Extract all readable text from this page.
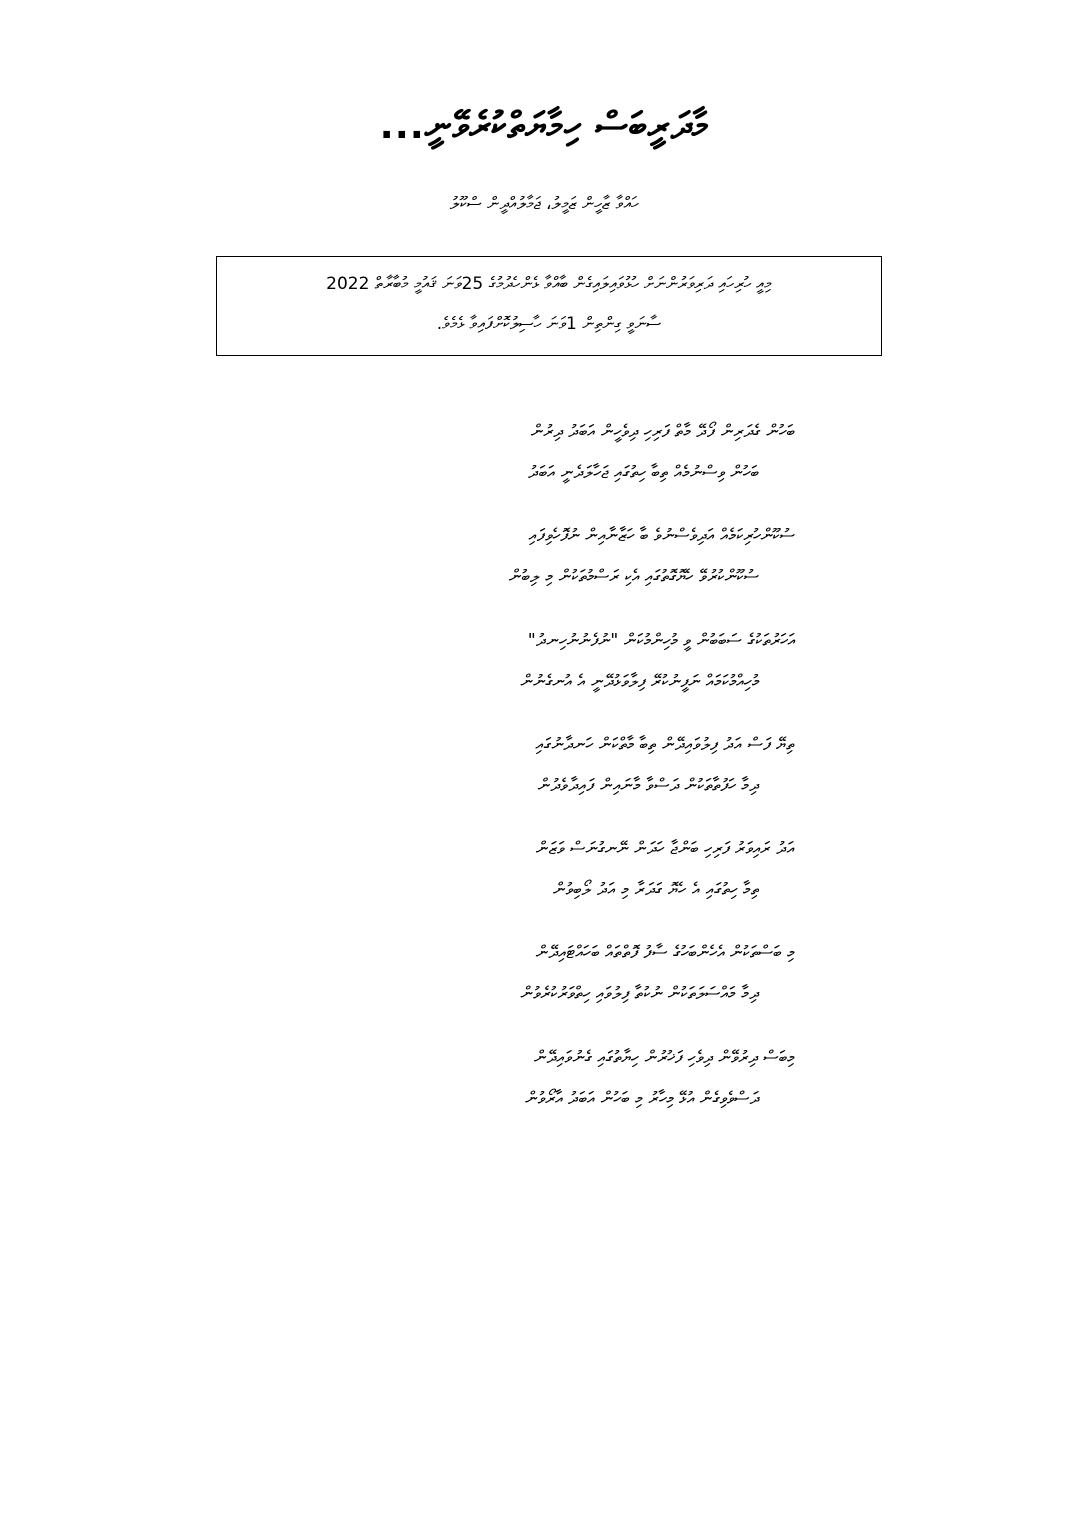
މާދަރީބަސް ހިމާޔަތްކުރެވޭނީ...
ހައްވާ ޒާހީން ޒަމީލު، ޖަމާލުއްދީން ސްކޫލު
މިއީ ހުރިހައި ދަރިވަރުންނަށް ހުޅުވައިލައިގެން ބާއްވާ ޅެންހެދުމުގެ 25ވަނަ ޤައުމީ މުބާރާތް 2022
ސާނަވީ ގިންތިން 1ވަނަ ހާސިލުކޮށްފައިވާ ޅެމެވެ.
ބަހުން ގެދަރިން ފޯދޭ މާތް ފަރިހި ދިވެހީން އަބަދު ދިރުން
ބަހުން ވިސްނުމެއް ތިބާ ހިތުގައި ޖަހާލަދެނީ އަބަދު
ސުކޫންހުރިކަމެއް އަދިވެސްނުވެ ބާ ހަޒާނާއިން ނުފޮހެވިފައި
ސުކޫންކުރުވޭ ހެޔޮގޮތުގައި އެކި ރަސްމުތަކުން މި ލިބުން
އަހަރުތަކުގެ ސަބަބުން ވީ މުހިންމުކަން "ނުފެނުނުހިނދު"
މުހިއްމުކަމައް ނަފީނުކުރޭ ފިލާވަޅުދޭނީ އެ އުނގެނުން
ތިޔޭ ފަސް އަދު ފިލުވައިދޭން ތިބާ މާތްކަން ހަނދާނުގައި
ދިމާ ހަފުތާތަކުން ދަސްވާ މާނައިން ފައިދާވެދުން
އަދު ރައިވަރު ފަރިހި ބަންޖާ ހަދަން ނޭނގުނަސް ވަޒަން
ތިމާ ހިތުގައި އެ ހެޔޮ ގަދަރާ މި އަދު ލޯބިވުން
މި ބަސްތަކުން އެހެންބަހުގެ ސާފު ފޮތްތައް ބަހައްޓައިދޭން
ދިމާ މައްސަލަތަކުން ނުކުތާ ފިލުވައި ހިތްވަރުކުރެވުން
މިބަސް ދިރުވޭން ދިވެހި ފަޚުރުން ހިޔާތުގައި ގެނުވައިދޭން
ދަސްވެވިގެން އުޅޭ މިހާރު މި ބަހުން އަބަދު އާރޯވުން
